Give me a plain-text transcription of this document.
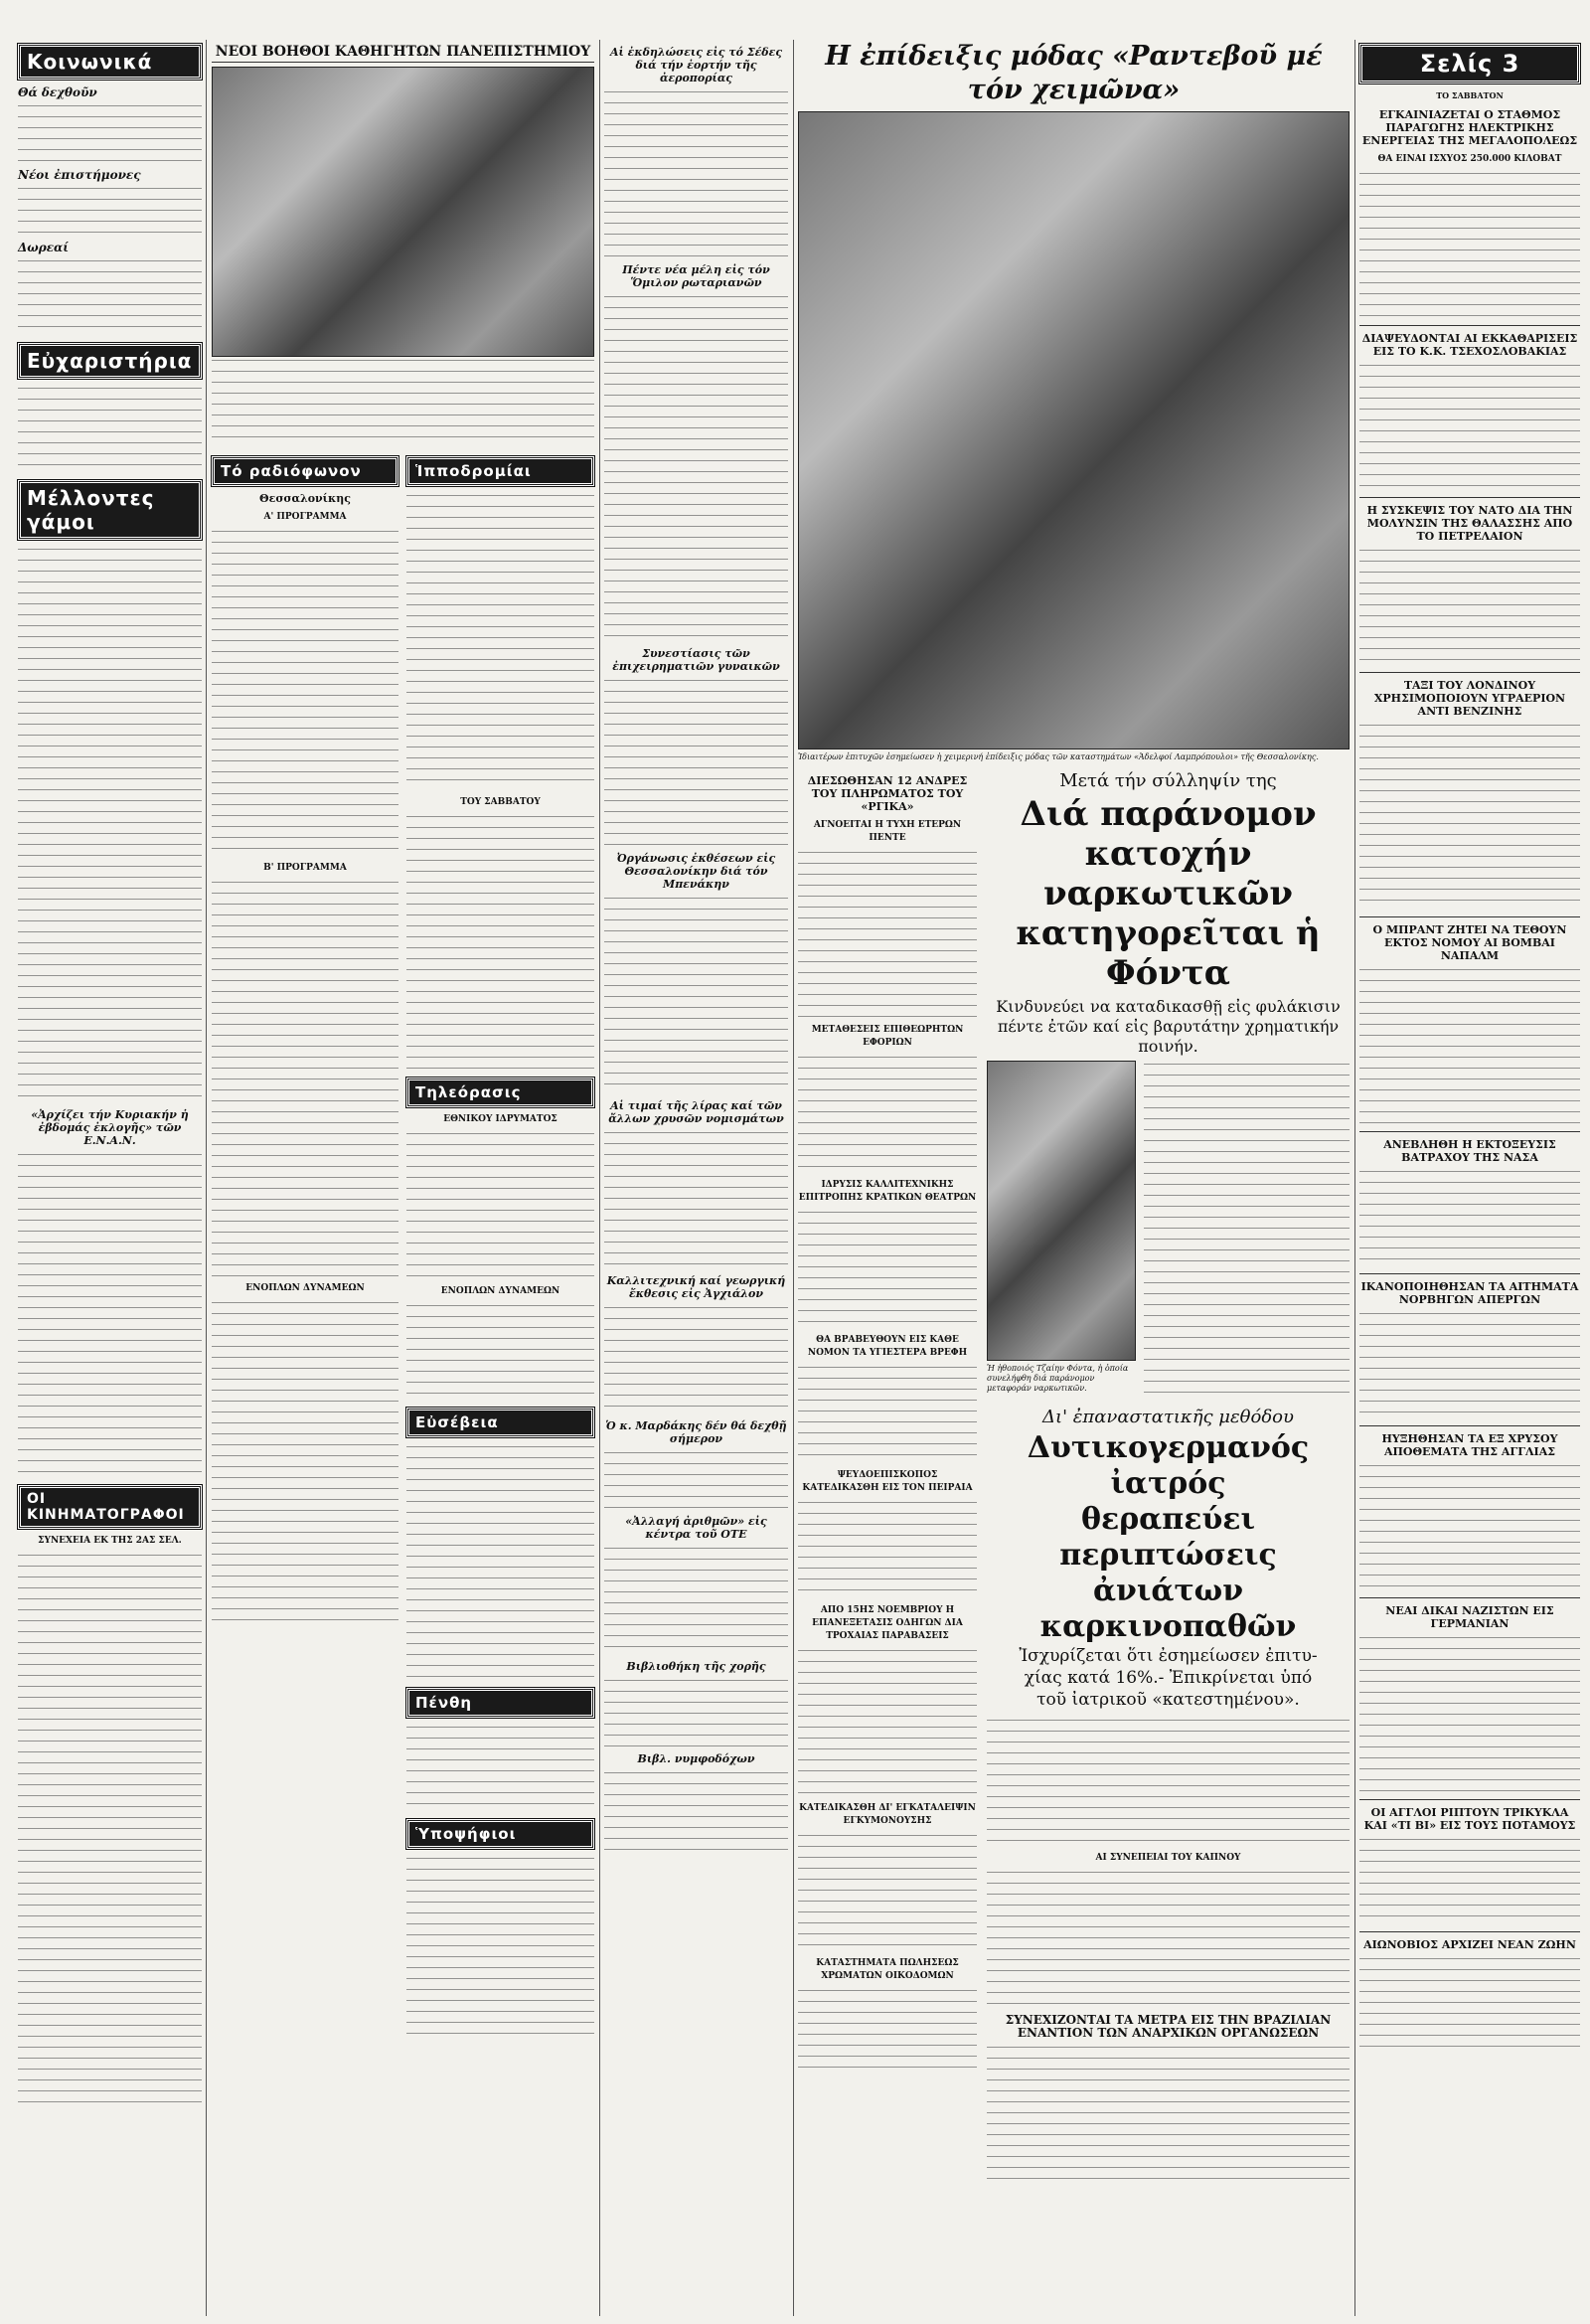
Κοινωνικά
Θά δεχθοῦν
Νέοι ἐπιστήμονες
Δωρεαί
Εὐχαριστήρια
Μέλλοντες γάμοι
«Ἀρχίζει τήν Κυριακήν ἡ ἐβδομάς ἐκλογῆς» τῶν Ε.Ν.Α.Ν.
ΟΙ ΚΙΝΗΜΑΤΟΓΡΑΦΟΙ
ΣΥΝΕΧΕΙΑ ΕΚ ΤΗΣ 2ΑΣ ΣΕΛ.
ΝΕΟΙ ΒΟΗΘΟΙ ΚΑΘΗΓΗΤΩΝ ΠΑΝΕΠΙΣΤΗΜΙΟΥ
Τό ραδιόφωνον
Θεσσαλονίκης
Α' ΠΡΟΓΡΑΜΜΑ
Β' ΠΡΟΓΡΑΜΜΑ
ΕΝΟΠΛΩΝ ΔΥΝΑΜΕΩΝ
Ἱπποδρομίαι
ΤΟΥ ΣΑΒΒΑΤΟΥ
Τηλεόρασις
ΕΘΝΙΚΟΥ ΙΔΡΥΜΑΤΟΣ
ΕΝΟΠΛΩΝ ΔΥΝΑΜΕΩΝ
Εὐσέβεια
Πένθη
Ὑποψήφιοι
Αἱ ἐκδηλώσεις εἰς τό Σέδες διά τήν ἑορτήν τῆς ἀεροπορίας
Πέντε νέα μέλη εἰς τόν Ὅμιλον ρωταριανῶν
Συνεστίασις τῶν ἐπιχειρηματιῶν γυναικῶν
Ὀργάνωσις ἐκθέσεων εἰς Θεσσαλονίκην διά τόν Μπενάκην
Αἱ τιμαί τῆς λίρας καί τῶν ἄλλων χρυσῶν νομισμάτων
Καλλιτεχνική καί γεωργική ἔκθεσις εἰς Ἀγχιάλον
Ὁ κ. Μαρδάκης δέν θά δεχθῇ σήμερον
«Ἀλλαγή ἀριθμῶν» εἰς κέντρα τοῦ ΟΤΕ
Βιβλιοθήκη τῆς χορῆς
Βιβλ. νυμφοδόχων
Η ἐπίδειξις μόδας «Ραντεβοῦ μέ τόν χειμῶνα»
Ἰδιαιτέρων ἐπιτυχῶν ἐσημείωσεν ἡ χειμερινή ἐπίδειξις μόδας τῶν καταστημάτων «Ἀδελφοί Λαμπρόπουλοι» τῆς Θεσσαλονίκης.
ΔΙΕΣΩΘΗΣΑΝ 12 ΑΝΔΡΕΣ ΤΟΥ ΠΛΗΡΩΜΑΤΟΣ ΤΟΥ «ΡΓΙΚΑ»
ΑΓΝΟΕΙΤΑΙ Η ΤΥΧΗ ΕΤΕΡΩΝ ΠΕΝΤΕ
ΜΕΤΑΘΕΣΕΙΣ ΕΠΙΘΕΩΡΗΤΩΝ ΕΦΟΡΙΩΝ
ΙΔΡΥΣΙΣ ΚΑΛΛΙΤΕΧΝΙΚΗΣ ΕΠΙΤΡΟΠΗΣ ΚΡΑΤΙΚΩΝ ΘΕΑΤΡΩΝ
ΘΑ ΒΡΑΒΕΥΘΟΥΝ ΕΙΣ ΚΑΘΕ ΝΟΜΟΝ ΤΑ ΥΓΙΕΣΤΕΡΑ ΒΡΕΦΗ
ΨΕΥΔΟΕΠΙΣΚΟΠΟΣ ΚΑΤΕΔΙΚΑΣΘΗ ΕΙΣ ΤΟΝ ΠΕΙΡΑΙΑ
ΑΠΟ 15ΗΣ ΝΟΕΜΒΡΙΟΥ Η ΕΠΑΝΕΞΕΤΑΣΙΣ ΟΔΗΓΩΝ ΔΙΑ ΤΡΟΧΑΙΑΣ ΠΑΡΑΒΑΣΕΙΣ
ΚΑΤΕΔΙΚΑΣΘΗ ΔΙ' ΕΓΚΑΤΑΛΕΙΨΙΝ ΕΓΚΥΜΟΝΟΥΣΗΣ
ΚΑΤΑΣΤΗΜΑΤΑ ΠΩΛΗΣΕΩΣ ΧΡΩΜΑΤΩΝ ΟΙΚΟΔΟΜΩΝ
Μετά τήν σύλληψίν της
Διά παράνομον κατοχήν
ναρκωτικῶν
κατηγορεῖται ἡ Φόντα
Κινδυνεύει να καταδικασθῇ εἰς φυλάκισιν πέντε ἐτῶν καί εἰς βαρυτάτην χρηματικήν ποινήν.
Ἡ ἠθοποιός Τζαίην Φόντα, ἡ ὁποία συνελήφθη διά παράνομον μεταφοράν ναρκωτικῶν.
Δι' ἐπαναστατικῆς μεθόδου
Δυτικογερμανός ἰατρός
θεραπεύει περιπτώσεις
ἀνιάτων καρκινοπαθῶν
Ἰσχυρίζεται ὅτι ἐσημείωσεν ἐπιτυ-
χίας κατά 16%.- Ἐπικρίνεται ὑπό
τοῦ ἰατρικοῦ «κατεστημένου».
ΑΙ ΣΥΝΕΠΕΙΑΙ ΤΟΥ ΚΑΠΝΟΥ
ΣΥΝΕΧΙΖΟΝΤΑΙ ΤΑ ΜΕΤΡΑ ΕΙΣ ΤΗΝ ΒΡΑΖΙΛΙΑΝ ΕΝΑΝΤΙΟΝ ΤΩΝ ΑΝΑΡΧΙΚΩΝ ΟΡΓΑΝΩΣΕΩΝ
Σελίς 3
ΤΟ ΣΑΒΒΑΤΟΝ
ΕΓΚΑΙΝΙΑΖΕΤΑΙ Ο ΣΤΑΘΜΟΣ ΠΑΡΑΓΩΓΗΣ ΗΛΕΚΤΡΙΚΗΣ ΕΝΕΡΓΕΙΑΣ ΤΗΣ ΜΕΓΑΛΟΠΟΛΕΩΣ
ΘΑ ΕΙΝΑΙ ΙΣΧΥΟΣ 250.000 ΚΙΛΟΒΑΤ
ΔΙΑΨΕΥΔΟΝΤΑΙ ΑΙ ΕΚΚΑΘΑΡΙΣΕΙΣ ΕΙΣ ΤΟ Κ.Κ. ΤΣΕΧΟΣΛΟΒΑΚΙΑΣ
Η ΣΥΣΚΕΨΙΣ ΤΟΥ ΝΑΤΟ ΔΙΑ ΤΗΝ ΜΟΛΥΝΣΙΝ ΤΗΣ ΘΑΛΑΣΣΗΣ ΑΠΟ ΤΟ ΠΕΤΡΕΛΑΙΟΝ
ΤΑΞΙ ΤΟΥ ΛΟΝΔΙΝΟΥ ΧΡΗΣΙΜΟΠΟΙΟΥΝ ΥΓΡΑΕΡΙΟΝ ΑΝΤΙ ΒΕΝΖΙΝΗΣ
Ο ΜΠΡΑΝΤ ΖΗΤΕΙ ΝΑ ΤΕΘΟΥΝ ΕΚΤΟΣ ΝΟΜΟΥ ΑΙ ΒΟΜΒΑΙ ΝΑΠΑΛΜ
ΑΝΕΒΛΗΘΗ Η ΕΚΤΟΞΕΥΣΙΣ ΒΑΤΡΑΧΟΥ ΤΗΣ ΝΑΣΑ
ΙΚΑΝΟΠΟΙΗΘΗΣΑΝ ΤΑ ΑΙΤΗΜΑΤΑ ΝΟΡΒΗΓΩΝ ΑΠΕΡΓΩΝ
ΗΥΞΗΘΗΣΑΝ ΤΑ ΕΞ ΧΡΥΣΟΥ ΑΠΟΘΕΜΑΤΑ ΤΗΣ ΑΓΓΛΙΑΣ
ΝΕΑΙ ΔΙΚΑΙ ΝΑΖΙΣΤΩΝ ΕΙΣ ΓΕΡΜΑΝΙΑΝ
ΟΙ ΑΓΓΛΟΙ ΡΙΠΤΟΥΝ ΤΡΙΚΥΚΛΑ ΚΑΙ «ΤΙ ΒΙ» ΕΙΣ ΤΟΥΣ ΠΟΤΑΜΟΥΣ
ΑΙΩΝΟΒΙΟΣ ΑΡΧΙΖΕΙ ΝΕΑΝ ΖΩΗΝ
